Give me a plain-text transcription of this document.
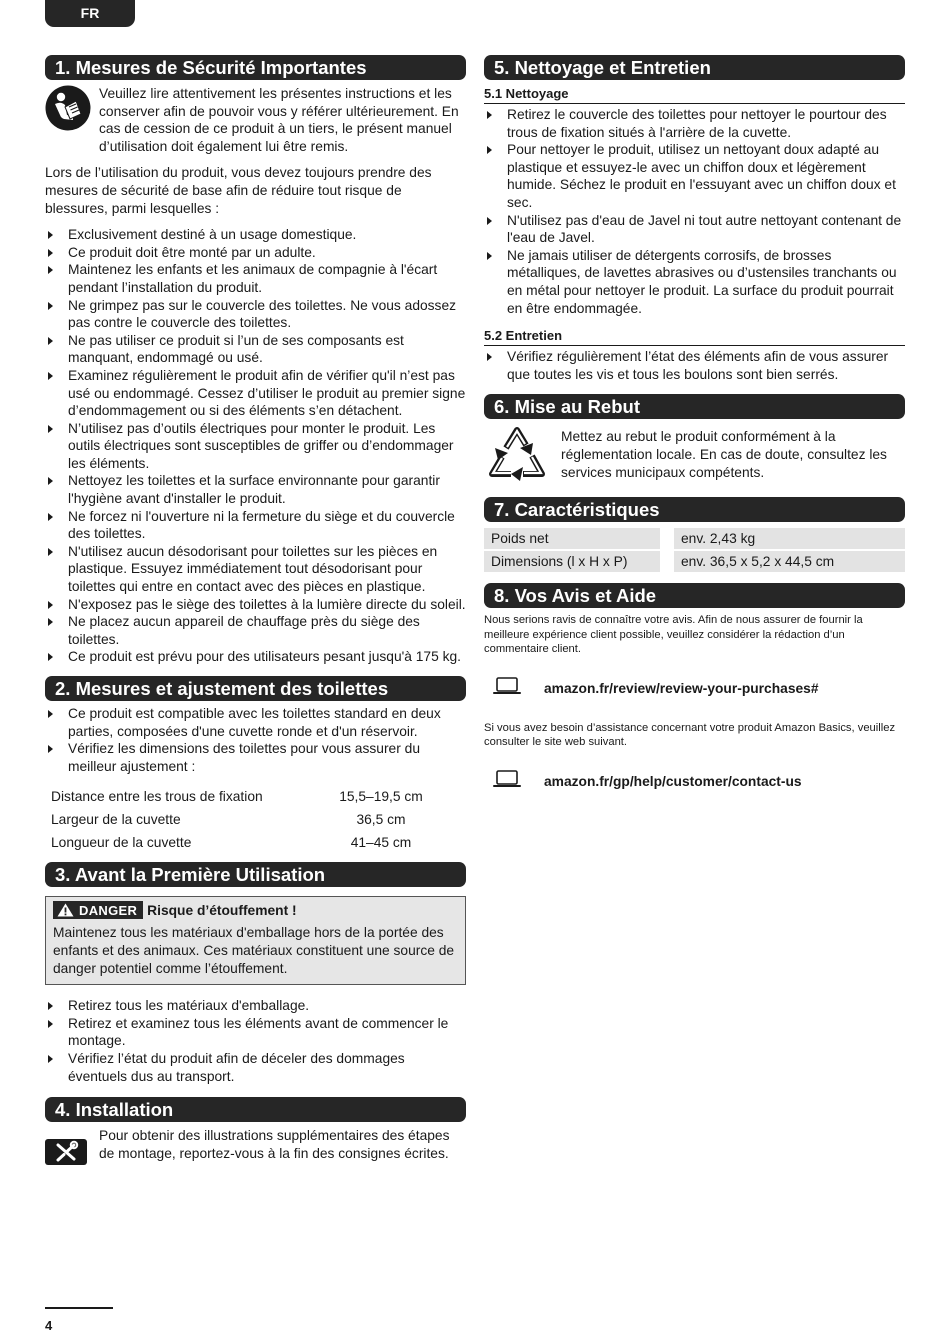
FR
1. Mesures de Sécurité Importantes
Veuillez lire attentivement les présentes instructions et les conserver afin de pouvoir vous y référer ultérieurement. En cas de cession de ce produit à un tiers, le présent manuel d’utilisation doit également lui être remis.
Lors de l’utilisation du produit, vous devez toujours prendre des mesures de sécurité de base afin de réduire tout risque de blessures, parmi lesquelles :
Exclusivement destiné à un usage domestique.
Ce produit doit être monté par un adulte.
Maintenez les enfants et les animaux de compagnie à l'écart pendant l’installation du produit.
Ne grimpez pas sur le couvercle des toilettes. Ne vous adossez pas contre le couvercle des toilettes.
Ne pas utiliser ce produit si l’un de ses composants est manquant, endommagé ou usé.
Examinez régulièrement le produit afin de vérifier qu'il n’est pas usé ou endommagé. Cessez d’utiliser le produit au premier signe d’endommagement ou si des éléments s’en détachent.
N’utilisez pas d’outils électriques pour monter le produit. Les outils électriques sont susceptibles de griffer ou d’endommager les éléments.
Nettoyez les toilettes et la surface environnante pour garantir l'hygiène avant d'installer le produit.
Ne forcez ni l'ouverture ni la fermeture du siège et du couvercle des toilettes.
N'utilisez aucun désodorisant pour toilettes sur les pièces en plastique. Essuyez immédiatement tout désodorisant pour toilettes qui entre en contact avec des pièces en plastique.
N'exposez pas le siège des toilettes à la lumière directe du soleil.
Ne placez aucun appareil de chauffage près du siège des toilettes.
Ce produit est prévu pour des utilisateurs pesant jusqu'à 175 kg.
2. Mesures et ajustement des toilettes
Ce produit est compatible avec les toilettes standard en deux parties, composées d'une cuvette ronde et d'un réservoir.
Vérifiez les dimensions des toilettes pour vous assurer du meilleur ajustement :
Distance entre les trous de fixation	15,5–19,5 cm
Largeur de la cuvette	36,5 cm
Longueur de la cuvette	41–45 cm
3. Avant la Première Utilisation
DANGER Risque d’étouffement !
Maintenez tous les matériaux d'emballage hors de la portée des enfants et des animaux. Ces matériaux constituent une source de danger potentiel comme l’étouffement.
Retirez tous les matériaux d'emballage.
Retirez et examinez tous les éléments avant de commencer le montage.
Vérifiez l’état du produit afin de déceler des dommages éventuels dus au transport.
4. Installation
Pour obtenir des illustrations supplémentaires des étapes de montage, reportez-vous à la fin des consignes écrites.
5. Nettoyage et Entretien
5.1 Nettoyage
Retirez le couvercle des toilettes pour nettoyer le pourtour des trous de fixation situés à l'arrière de la cuvette.
Pour nettoyer le produit, utilisez un nettoyant doux adapté au plastique et essuyez-le avec un chiffon doux et légèrement humide. Séchez le produit en l'essuyant avec un chiffon doux et sec.
N'utilisez pas d'eau de Javel ni tout autre nettoyant contenant de l'eau de Javel.
Ne jamais utiliser de détergents corrosifs, de brosses métalliques, de lavettes abrasives ou d’ustensiles tranchants ou en métal pour nettoyer le produit. La surface du produit pourrait en être endommagée.
5.2 Entretien
Vérifiez régulièrement l’état des éléments afin de vous assurer que toutes les vis et tous les boulons sont bien serrés.
6. Mise au Rebut
Mettez au rebut le produit conformément à la réglementation locale. En cas de doute, consultez les services municipaux compétents.
7. Caractéristiques
Poids net	env. 2,43 kg
Dimensions (l x H x P)	env. 36,5 x 5,2 x 44,5 cm
8. Vos Avis et Aide
Nous serions ravis de connaître votre avis. Afin de nous assurer de fournir la meilleure expérience client possible, veuillez considérer la rédaction d’un commentaire client.
amazon.fr/review/review-your-purchases#
Si vous avez besoin d’assistance concernant votre produit Amazon Basics, veuillez consulter le site web suivant.
amazon.fr/gp/help/customer/contact-us
4
